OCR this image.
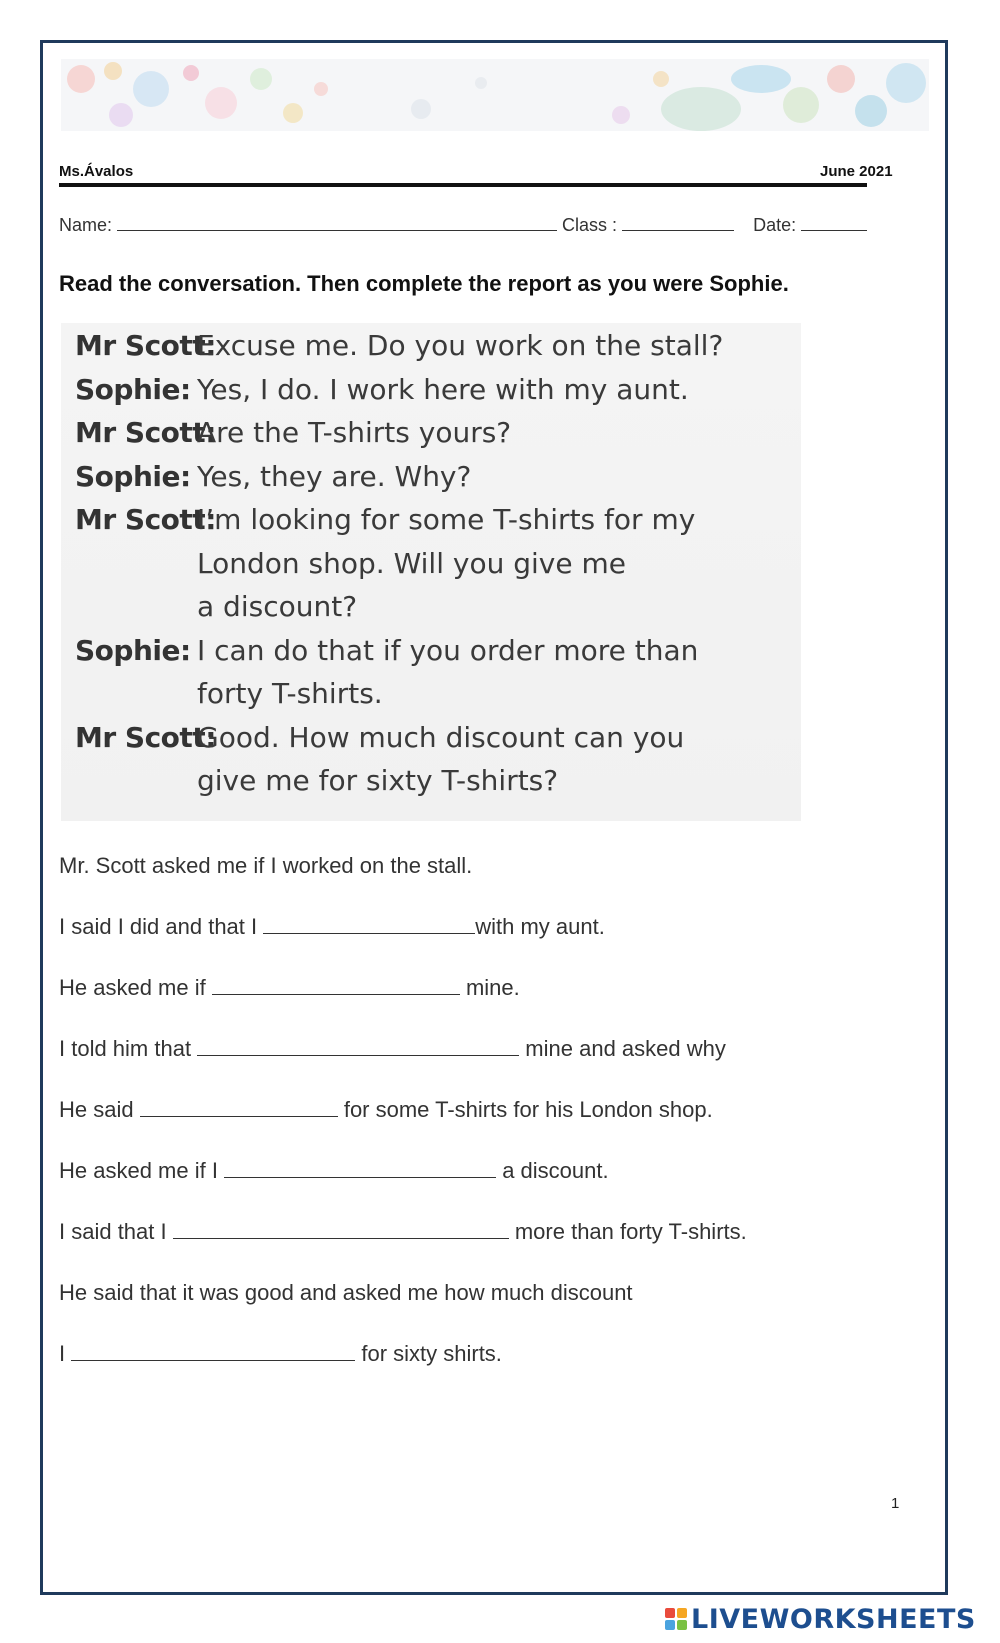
Ms.Ávalos	June 2021
Name:	Class :	Date:
Read the conversation. Then complete the report as you were Sophie.
Mr Scott:
Excuse me. Do you work on the stall?
Sophie: Yes, I do. I work here with my aunt.
Mr Scott:
Are the T-shirts yours?
Sophie: Yes, they are. Why?
Mr Scott:
I’m looking for some T-shirts for my
London shop. Will you give me
a discount?
Sophie: I can do that if you order more than
forty T-shirts.
Mr Scott:
Good. How much discount can you
give me for sixty T-shirts?
Mr. Scott asked me if I worked on the stall.
I said I did and that I	with my aunt.
He asked me if	mine.
I told him that	mine and asked why
He said	for some T-shirts for his London shop.
He asked me if I	a discount.
I said that I	more than forty T-shirts.
He said that it was good and asked me how much discount
I	for sixty shirts.
1
LIVEWORKSHEETS
